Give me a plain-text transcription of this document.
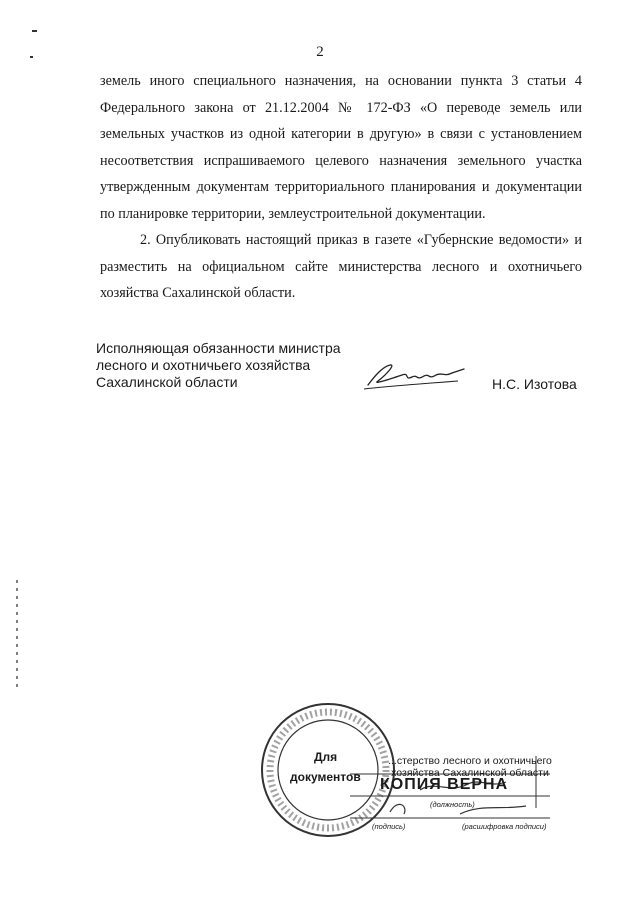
2
земель иного специального назначения, на основании пункта 3 статьи 4
Федерального закона от 21.12.2004 № 172-ФЗ «О переводе земель или
земельных участков из одной категории в другую» в связи с установлением
несоответствия испрашиваемого целевого назначения земельного участка
утвержденным документам территориального планирования и документации
по планировке территории, землеустроительной документации.
2. Опубликовать настоящий приказ в газете «Губернские ведомости» и
разместить на официальном сайте министерства лесного и охотничьего
хозяйства Сахалинской области.
Исполняющая обязанности министра
лесного и охотничьего хозяйства
Сахалинской области	Н.С. Изотова
Для
документов
...стерство лесного и охотничьего
хозяйства Сахалинской области
КОПИЯ ВЕРНА
(должность)
(подпись)	(расшифровка подписи)
